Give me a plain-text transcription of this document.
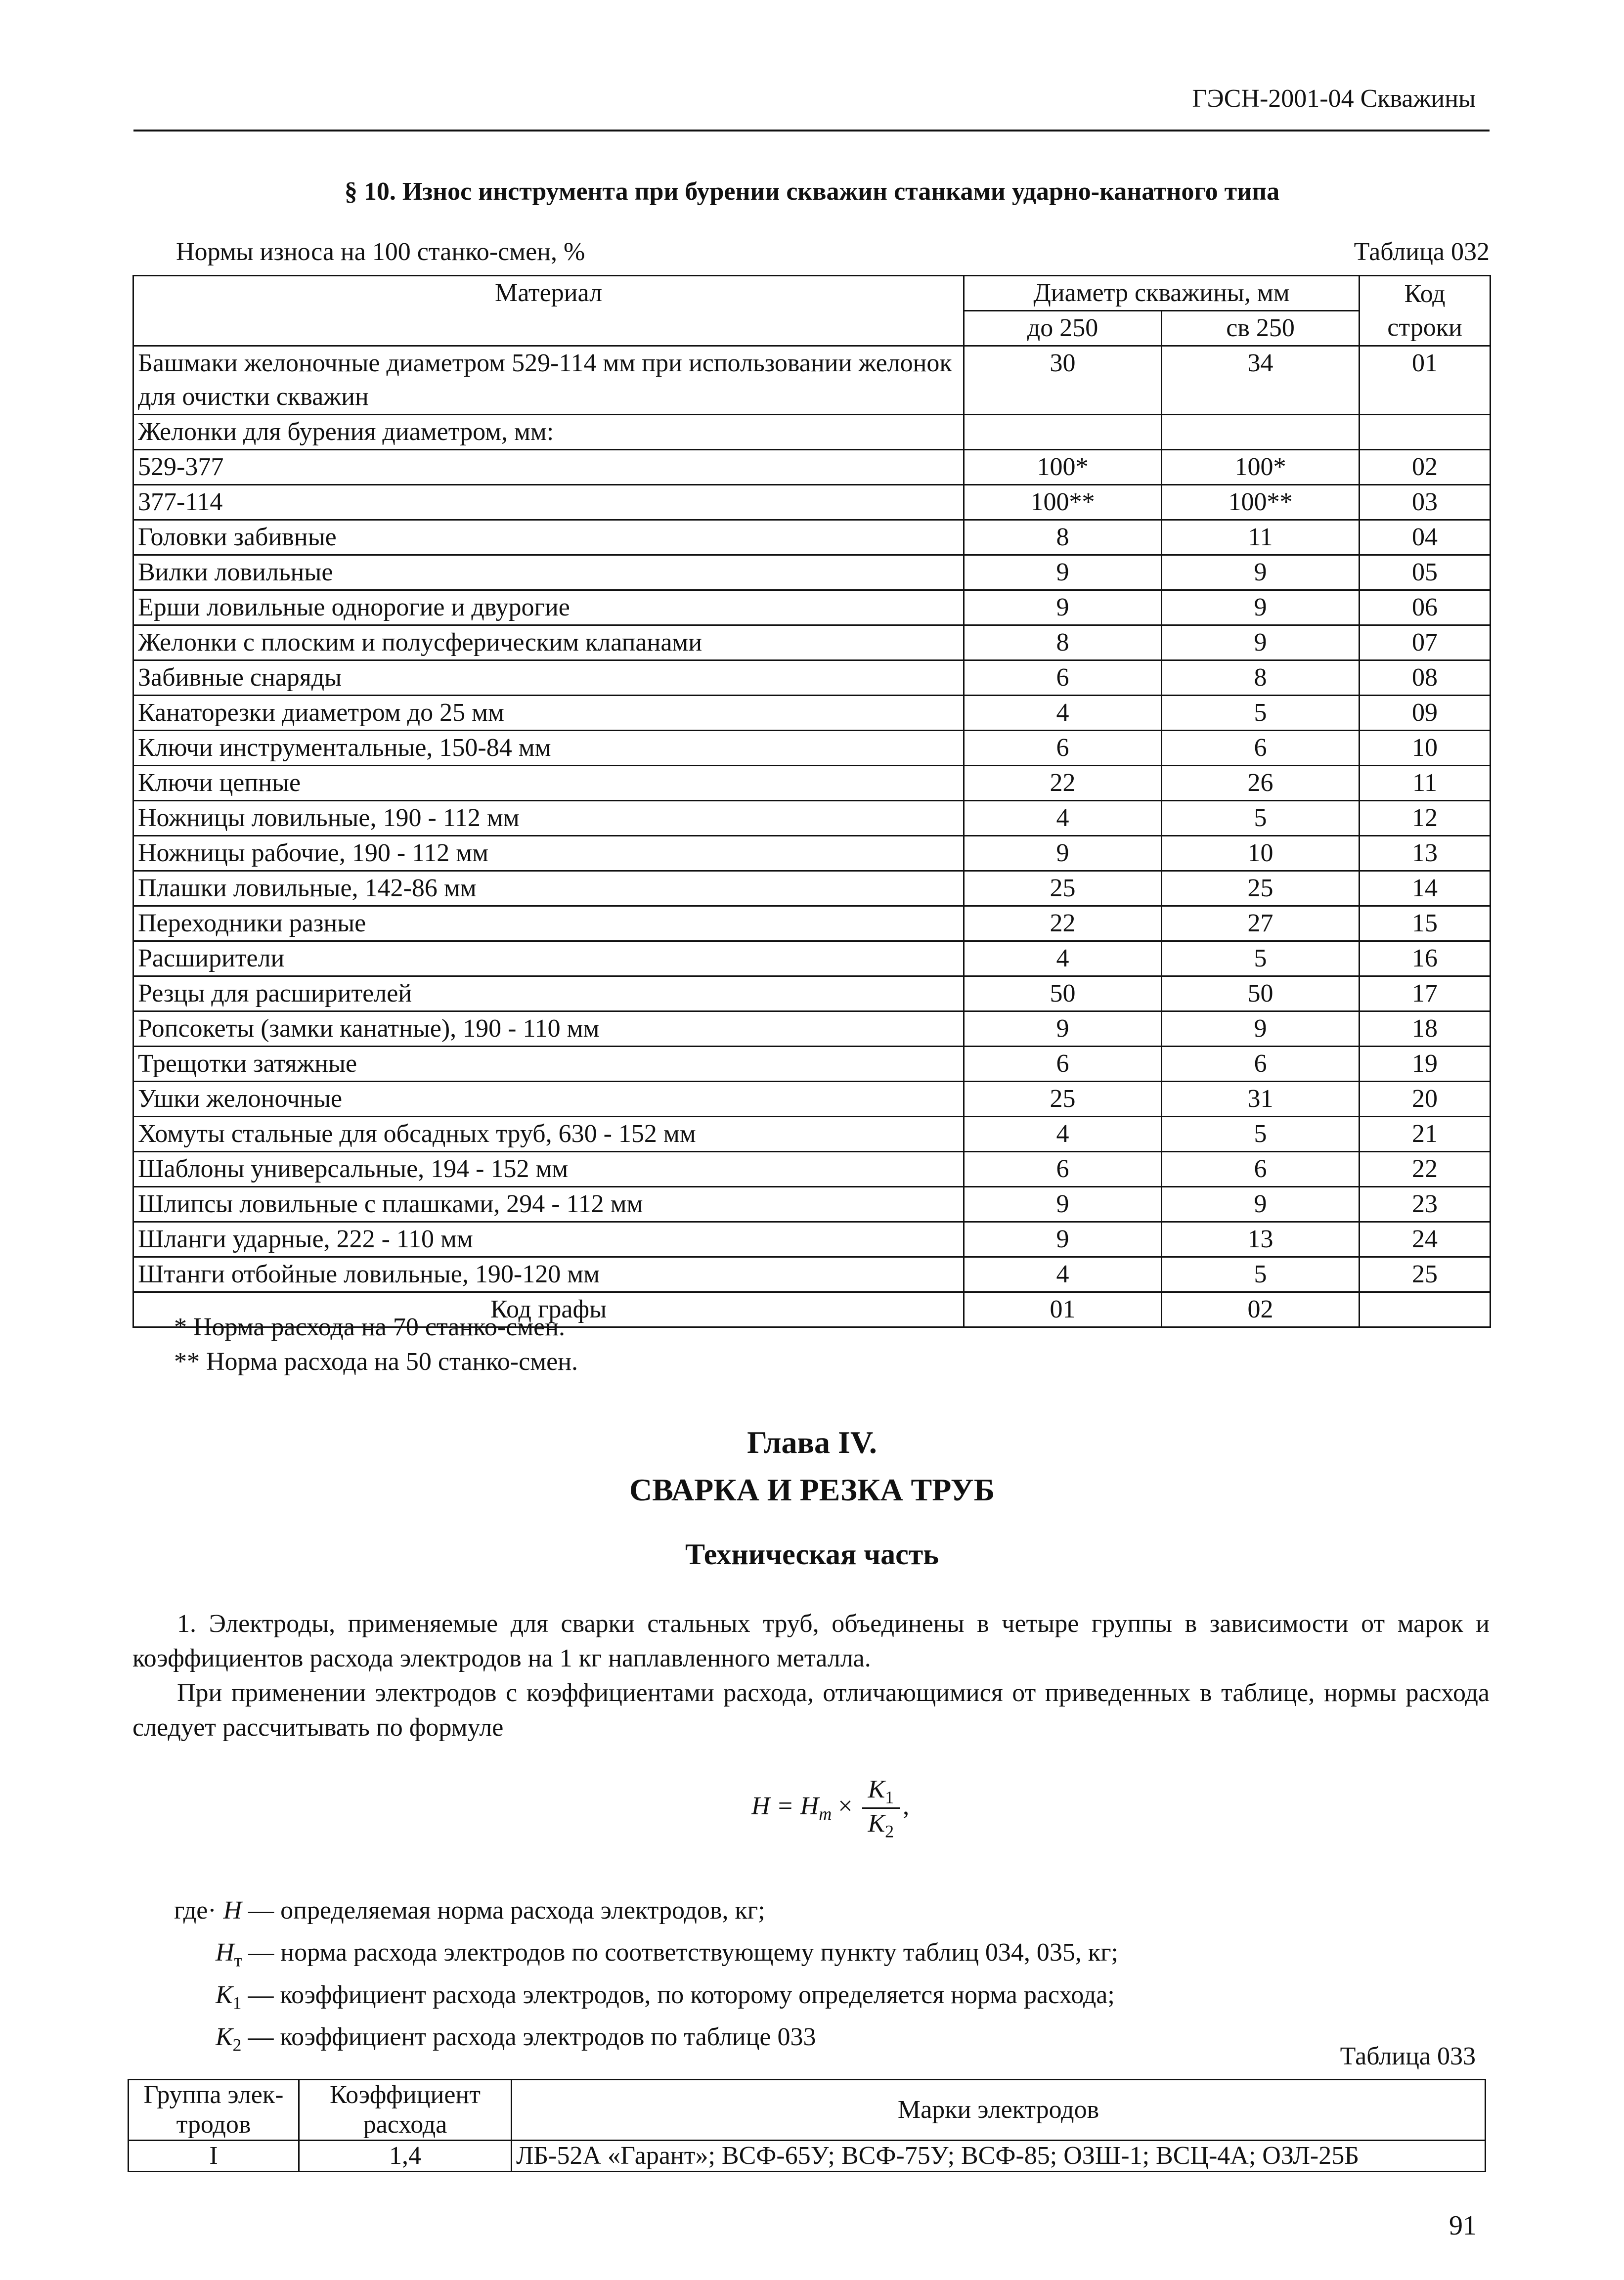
ГЭСН-2001-04 Скважины
§ 10. Износ инструмента при бурении скважин станками ударно-канатного типа
Нормы износа на 100 станко-смен, %	Таблица 032
Материал	Диаметр скважины, мм		Код строки
	до 250	св 250	
Башмаки желоночные диаметром 529-114 мм при использовании желонок для очистки скважин	30	34	01
Желонки для бурения диаметром, мм:			
529-377	100*	100*	02
377-114	100**	100**	03
Головки забивные	8	11	04
Вилки ловильные	9	9	05
Ерши ловильные однорогие и двурогие	9	9	06
Желонки с плоским и полусферическим клапанами	8	9	07
Забивные снаряды	6	8	08
Канаторезки диаметром до 25 мм	4	5	09
Ключи инструментальные, 150-84 мм	6	6	10
Ключи цепные	22	26	11
Ножницы ловильные, 190 - 112 мм	4	5	12
Ножницы рабочие, 190 - 112 мм	9	10	13
Плашки ловильные, 142-86 мм	25	25	14
Переходники разные	22	27	15
Расширители	4	5	16
Резцы для расширителей	50	50	17
Ропсокеты (замки канатные), 190 - 110 мм	9	9	18
Трещотки затяжные	6	6	19
Ушки желоночные	25	31	20
Хомуты стальные для обсадных труб, 630 - 152 мм	4	5	21
Шаблоны универсальные, 194 - 152 мм	6	6	22
Шлипсы ловильные с плашками, 294 - 112 мм	9	9	23
Шланги ударные, 222 - 110 мм	9	13	24
Штанги отбойные ловильные, 190-120 мм	4	5	25
Код графы	01	02	
* Норма расхода на 70 станко-смен.
** Норма расхода на 50 станко-смен.
Глава IV.
СВАРКА И РЕЗКА ТРУБ
Техническая часть
1. Электроды, применяемые для сварки стальных труб, объединены в четыре группы в зависимости от марок и коэффициентов расхода электродов на 1 кг наплавленного металла.
При применении электродов с коэффициентами расхода, отличающимися от приведенных в таблице, нормы расхода следует рассчитывать по формуле
$Н = Н_т \times \frac{К_1}{К_2}$ ,
где· Н — определяемая норма расхода электродов, кг;
$Н_т$ — норма расхода электродов по соответствующему пункту таблиц 034, 035, кг;
$К_1$ — коэффициент расхода электродов, по которому определяется норма расхода;
$К_2$ — коэффициент расхода электродов по таблице 033
Таблица 033
Группа элек-тродов	Коэффициент расхода	Марки электродов
I	1,4	ЛБ-52А «Гарант»; ВСФ-65У; ВСФ-75У; ВСФ-85; ОЗШ-1; ВСЦ-4А; ОЗЛ-25Б
91
